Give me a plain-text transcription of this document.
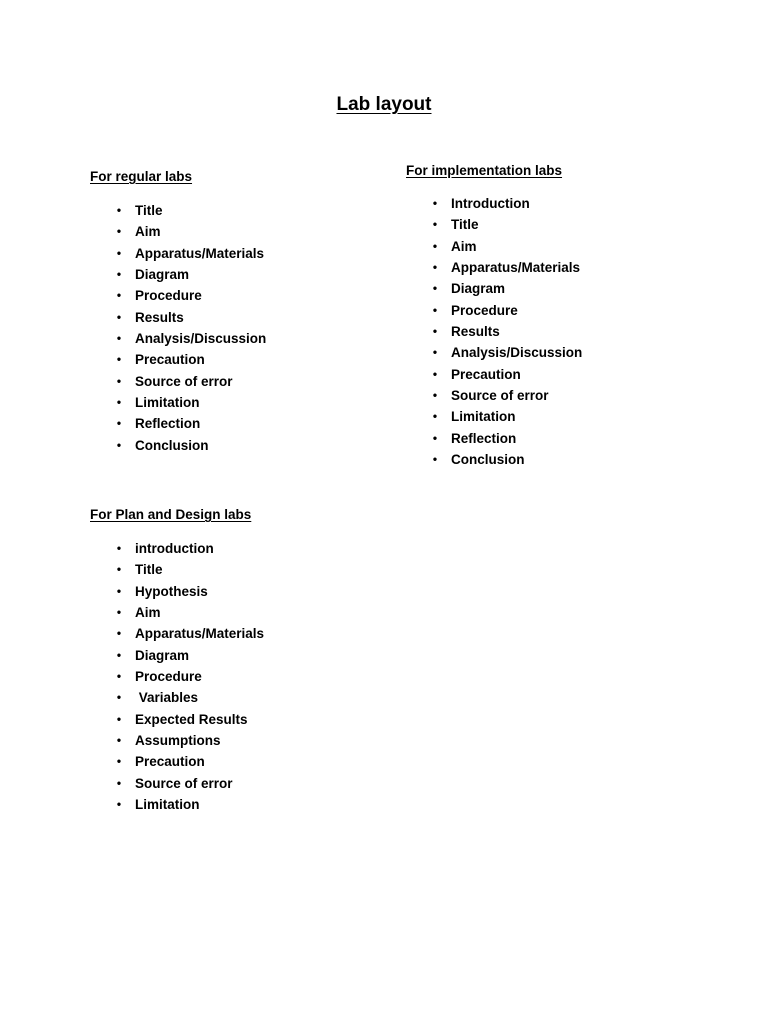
Lab layout

For regular labs

• Title
• Aim
• Apparatus/Materials
• Diagram
• Procedure
• Results
• Analysis/Discussion
• Precaution
• Source of error
• Limitation
• Reflection
• Conclusion

For implementation labs

• Introduction
• Title
• Aim
• Apparatus/Materials
• Diagram
• Procedure
• Results
• Analysis/Discussion
• Precaution
• Source of error
• Limitation
• Reflection
• Conclusion

For Plan and Design labs

• introduction
• Title
• Hypothesis
• Aim
• Apparatus/Materials
• Diagram
• Procedure
• Variables
• Expected Results
• Assumptions
• Precaution
• Source of error
• Limitation
